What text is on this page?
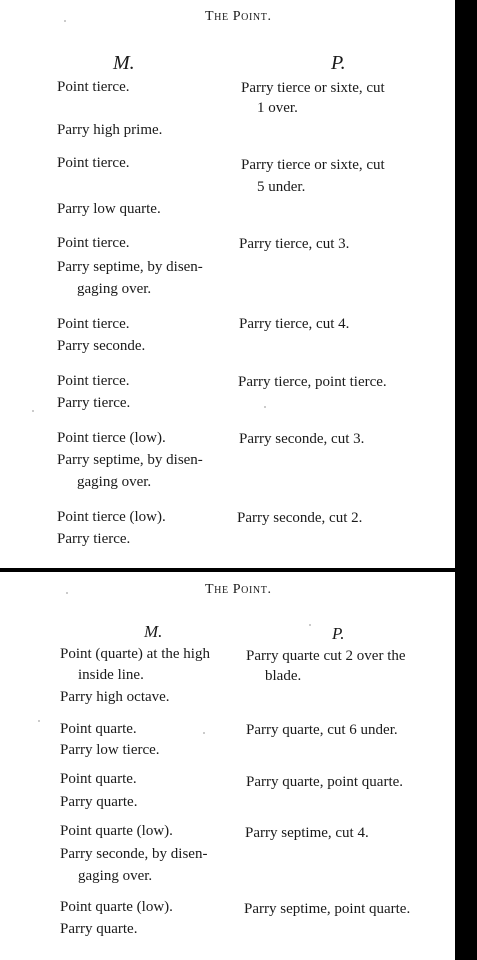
The Point.
M.	P.
Point tierce.
Parry high prime.
Point tierce.
Parry low quarte.
Point tierce.
Parry septime, by disen-
gaging over.
Point tierce.
Parry seconde.
Point tierce.
Parry tierce.
Point tierce (low).
Parry septime, by disen-
gaging over.
Point tierce (low).
Parry tierce.
Parry tierce or sixte, cut
1 over.
Parry tierce or sixte, cut
5 under.
Parry tierce, cut 3.
Parry tierce, cut 4.
Parry tierce, point tierce.
Parry seconde, cut 3.
Parry seconde, cut 2.
The Point.
M.	P.
Point (quarte) at the high
inside line.
Parry high octave.
Point quarte.
Parry low tierce.
Point quarte.
Parry quarte.
Point quarte (low).
Parry seconde, by disen-
gaging over.
Point quarte (low).
Parry quarte.
Parry quarte cut 2 over the
blade.
Parry quarte, cut 6 under.
Parry quarte, point quarte.
Parry septime, cut 4.
Parry septime, point quarte.
